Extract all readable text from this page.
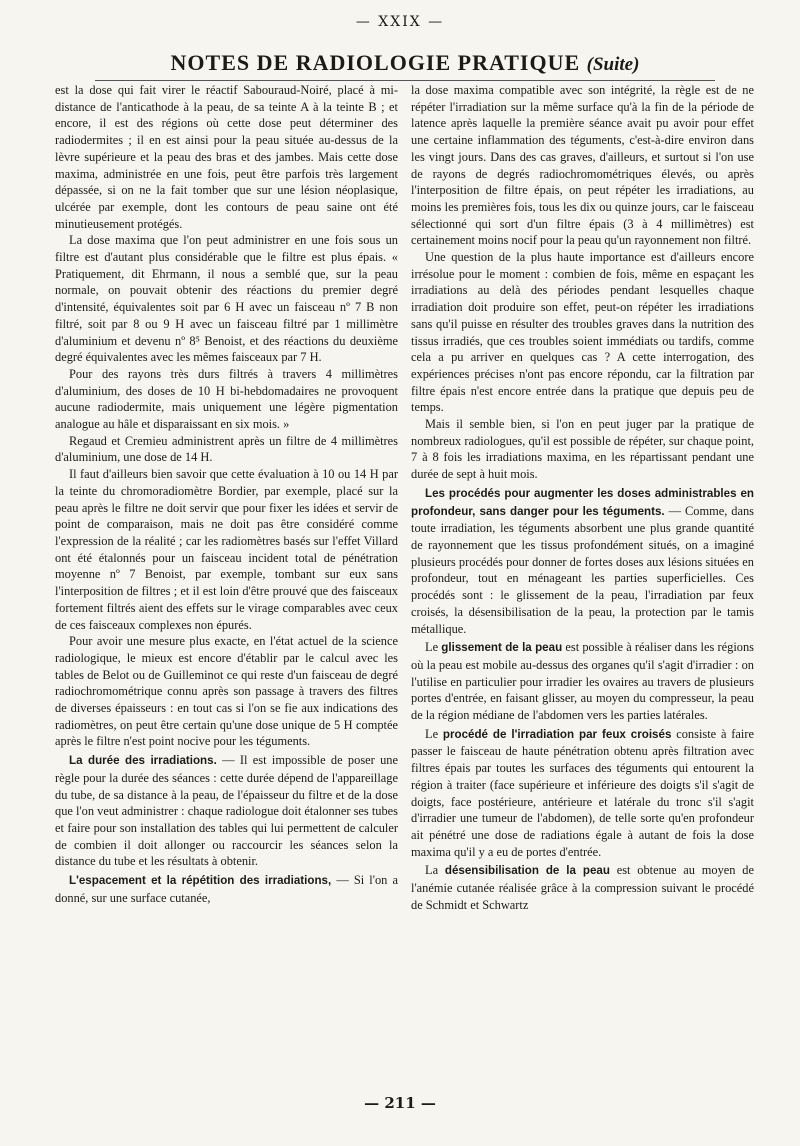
— XXIX —
NOTES DE RADIOLOGIE PRATIQUE (Suite)

est la dose qui fait virer le réactif Sabouraud-Noiré, placé à mi-distance de l'anticathode à la peau, de sa teinte A à la teinte B ; et encore, il est des régions où cette dose peut déterminer des radiodermites ; il en est ainsi pour la peau située au-dessus de la lèvre supérieure et la peau des bras et des jambes. Mais cette dose maxima, administrée en une fois, peut être parfois très largement dépassée, si on ne la fait tomber que sur une lésion néoplasique, ulcérée par exemple, dont les contours de peau saine ont été minutieusement protégés.

La dose maxima que l'on peut administrer en une fois sous un filtre est d'autant plus considérable que le filtre est plus épais. « Pratiquement, dit Ehrmann, il nous a semblé que, sur la peau normale, on pouvait obtenir des réactions du premier degré d'intensité, équivalentes soit par 6 H avec un faisceau nº 7 B non filtré, soit par 8 ou 9 H avec un faisceau filtré par 1 millimètre d'aluminium et devenu nº 8⁵ Benoist, et des réactions du deuxième degré équivalentes avec les mêmes faisceaux par 7 H.

Pour des rayons très durs filtrés à travers 4 millimètres d'aluminium, des doses de 10 H bi-hebdomadaires ne provoquent aucune radiodermite, mais uniquement une légère pigmentation analogue au hâle et disparaissant en six mois. »

Regaud et Cremieu administrent après un filtre de 4 millimètres d'aluminium, une dose de 14 H.

Il faut d'ailleurs bien savoir que cette évaluation à 10 ou 14 H par la teinte du chromoradiomètre Bordier, par exemple, placé sur la peau après le filtre ne doit servir que pour fixer les idées et servir de point de comparaison, mais ne doit pas être considéré comme l'expression de la réalité ; car les radiomètres basés sur l'effet Villard ont été étalonnés pour un faisceau incident total de pénétration moyenne nº 7 Benoist, par exemple, tombant sur eux sans l'interposition de filtres ; et il est loin d'être prouvé que des faisceaux fortement filtrés aient des effets sur le virage comparables avec ceux de ces faisceaux complexes non épurés.

Pour avoir une mesure plus exacte, en l'état actuel de la science radiologique, le mieux est encore d'établir par le calcul avec les tables de Belot ou de Guilleminot ce qui reste d'un faisceau de degré radiochromométrique connu après son passage à travers des filtres de diverses épaisseurs : en tout cas si l'on se fie aux indications des radiomètres, on peut être certain qu'une dose unique de 5 H comptée après le filtre n'est point nocive pour les téguments.

La durée des irradiations. — Il est impossible de poser une règle pour la durée des séances : cette durée dépend de l'appareillage du tube, de sa distance à la peau, de l'épaisseur du filtre et de la dose que l'on veut administrer : chaque radiologue doit étalonner ses tubes et faire pour son installation des tables qui lui permettent de calculer de combien il doit allonger ou raccourcir les séances selon la distance du tube et les résultats à obtenir.

L'espacement et la répétition des irradiations, — Si l'on a donné, sur une surface cutanée,

la dose maxima compatible avec son intégrité, la règle est de ne répéter l'irradiation sur la même surface qu'à la fin de la période de latence après laquelle la première séance avait pu avoir pour effet une certaine inflammation des téguments, c'est-à-dire environ dans les vingt jours. Dans des cas graves, d'ailleurs, et surtout si l'on use de rayons de degrés radiochromométriques élevés, ou après l'interposition de filtre épais, on peut répéter les irradiations, au moins les premières fois, tous les dix ou quinze jours, car le faisceau sélectionné qui sort d'un filtre épais (3 à 4 millimètres) est certainement moins nocif pour la peau qu'un rayonnement non filtré.

Une question de la plus haute importance est d'ailleurs encore irrésolue pour le moment : combien de fois, même en espaçant les irradiations au delà des périodes pendant lesquelles chaque irradiation doit produire son effet, peut-on répéter les irradiations sans qu'il puisse en résulter des troubles graves dans la nutrition des tissus irradiés, que ces troubles soient immédiats ou tardifs, comme cela a pu arriver en quelques cas ? A cette interrogation, des expériences précises n'ont pas encore répondu, car la filtration par filtre épais n'est encore entrée dans la pratique que depuis peu de temps.

Mais il semble bien, si l'on en peut juger par la pratique de nombreux radiologues, qu'il est possible de répéter, sur chaque point, 7 à 8 fois les irradiations maxima, en les répartissant pendant une durée de sept à huit mois.

Les procédés pour augmenter les doses administrables en profondeur, sans danger pour les téguments. — Comme, dans toute irradiation, les téguments absorbent une plus grande quantité de rayonnement que les tissus profondément situés, on a imaginé plusieurs procédés pour donner de fortes doses aux lésions situées en profondeur, tout en ménageant les parties superficielles. Ces procédés sont : le glissement de la peau, l'irradiation par feux croisés, la désensibilisation de la peau, la protection par le tamis métallique.

Le glissement de la peau est possible à réaliser dans les régions où la peau est mobile au-dessus des organes qu'il s'agit d'irradier : on l'utilise en particulier pour irradier les ovaires au travers de plusieurs portes d'entrée, en faisant glisser, au moyen du compresseur, la peau de la région médiane de l'abdomen vers les parties latérales.

Le procédé de l'irradiation par feux croisés consiste à faire passer le faisceau de haute pénétration obtenu après filtration avec filtres épais par toutes les surfaces des téguments qui entourent la région à traiter (face supérieure et inférieure des doigts s'il s'agit de doigts, face postérieure, antérieure et latérale du tronc s'il s'agit d'irradier une tumeur de l'abdomen), de telle sorte qu'en profondeur ait pénétré une dose de radiations égale à autant de fois la dose maxima qu'il y a eu de portes d'entrée.

La désensibilisation de la peau est obtenue au moyen de l'anémie cutanée réalisée grâce à la compression suivant le procédé de Schmidt et Schwartz

— 211 —
